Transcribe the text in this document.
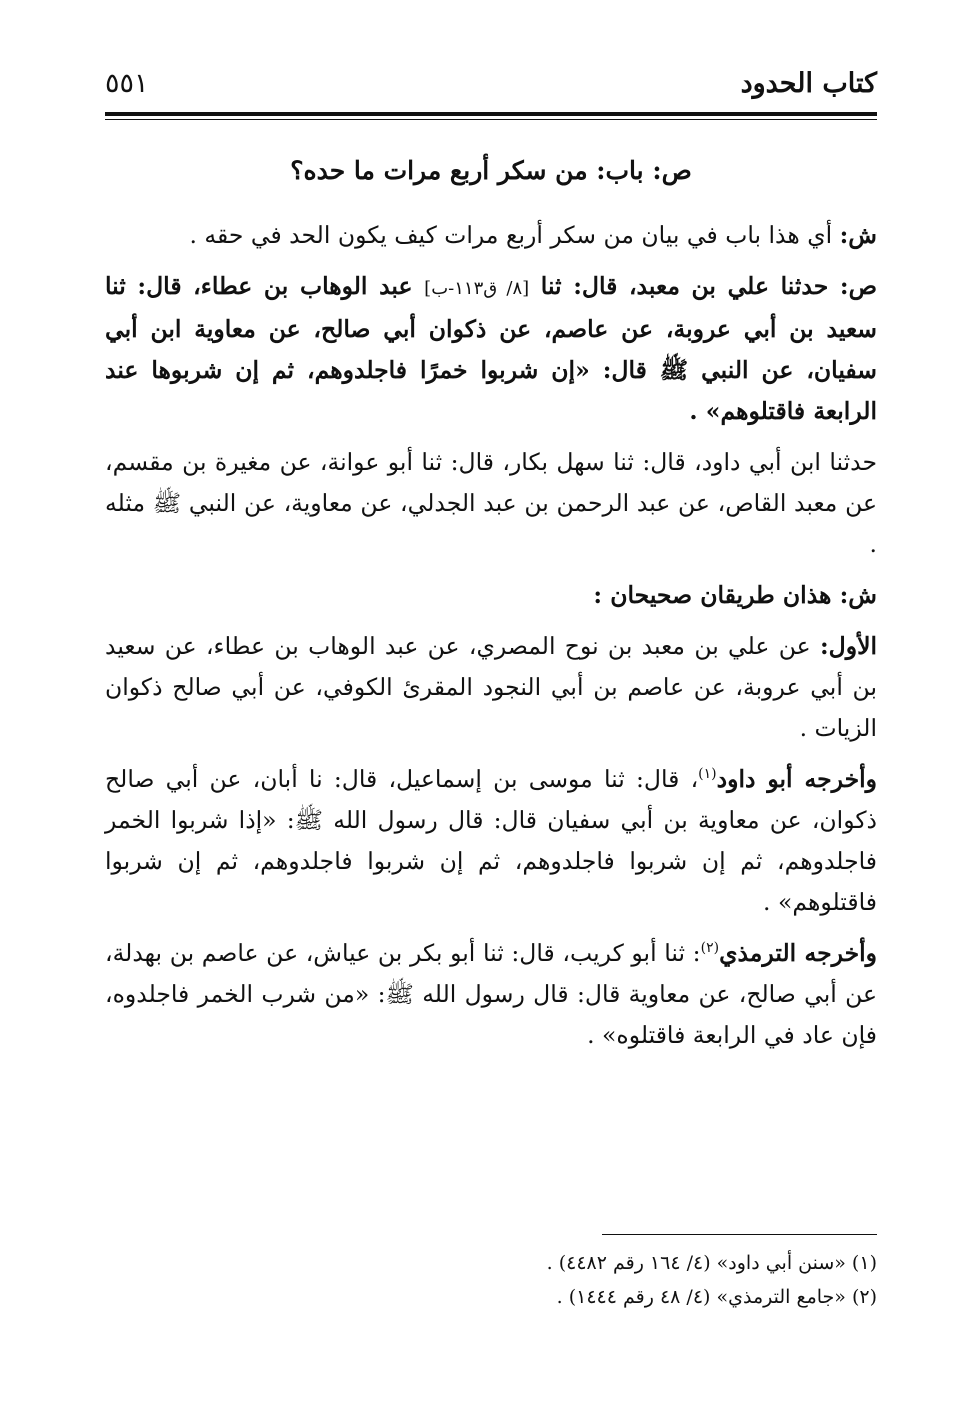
كتاب الحدود
٥٥١

ص: باب: من سكر أربع مرات ما حده؟

ش: أي هذا باب في بيان من سكر أربع مرات كيف يكون الحد في حقه .

ص: حدثنا علي بن معبد، قال: ثنا [٨/ ق١١٣-ب] عبد الوهاب بن عطاء، قال: ثنا سعيد بن أبي عروبة، عن عاصم، عن ذكوان أبي صالح، عن معاوية ابن أبي سفيان، عن النبي ﷺ قال: «إن شربوا خمرًا فاجلدوهم، ثم إن شربوها عند الرابعة فاقتلوهم» .

حدثنا ابن أبي داود، قال: ثنا سهل بكار، قال: ثنا أبو عوانة، عن مغيرة بن مقسم، عن معبد القاص، عن عبد الرحمن بن عبد الجدلي، عن معاوية، عن النبي ﷺ مثله .

ش: هذان طريقان صحيحان :

الأول: عن علي بن معبد بن نوح المصري، عن عبد الوهاب بن عطاء، عن سعيد بن أبي عروبة، عن عاصم بن أبي النجود المقرئ الكوفي، عن أبي صالح ذكوان الزيات .

وأخرجه أبو داود$^{(١)}$، قال: ثنا موسى بن إسماعيل، قال: نا أبان، عن أبي صالح ذكوان، عن معاوية بن أبي سفيان قال: قال رسول الله ﷺ: «إذا شربوا الخمر فاجلدوهم، ثم إن شربوا فاجلدوهم، ثم إن شربوا فاجلدوهم، ثم إن شربوا فاقتلوهم» .

وأخرجه الترمذي$^{(٢)}$: ثنا أبو كريب، قال: ثنا أبو بكر بن عياش، عن عاصم بن بهدلة، عن أبي صالح، عن معاوية قال: قال رسول الله ﷺ: «من شرب الخمر فاجلدوه، فإن عاد في الرابعة فاقتلوه» .

(١) «سنن أبي داود» (٤/ ١٦٤ رقم ٤٤٨٢) .
(٢) «جامع الترمذي» (٤/ ٤٨ رقم ١٤٤٤) .
